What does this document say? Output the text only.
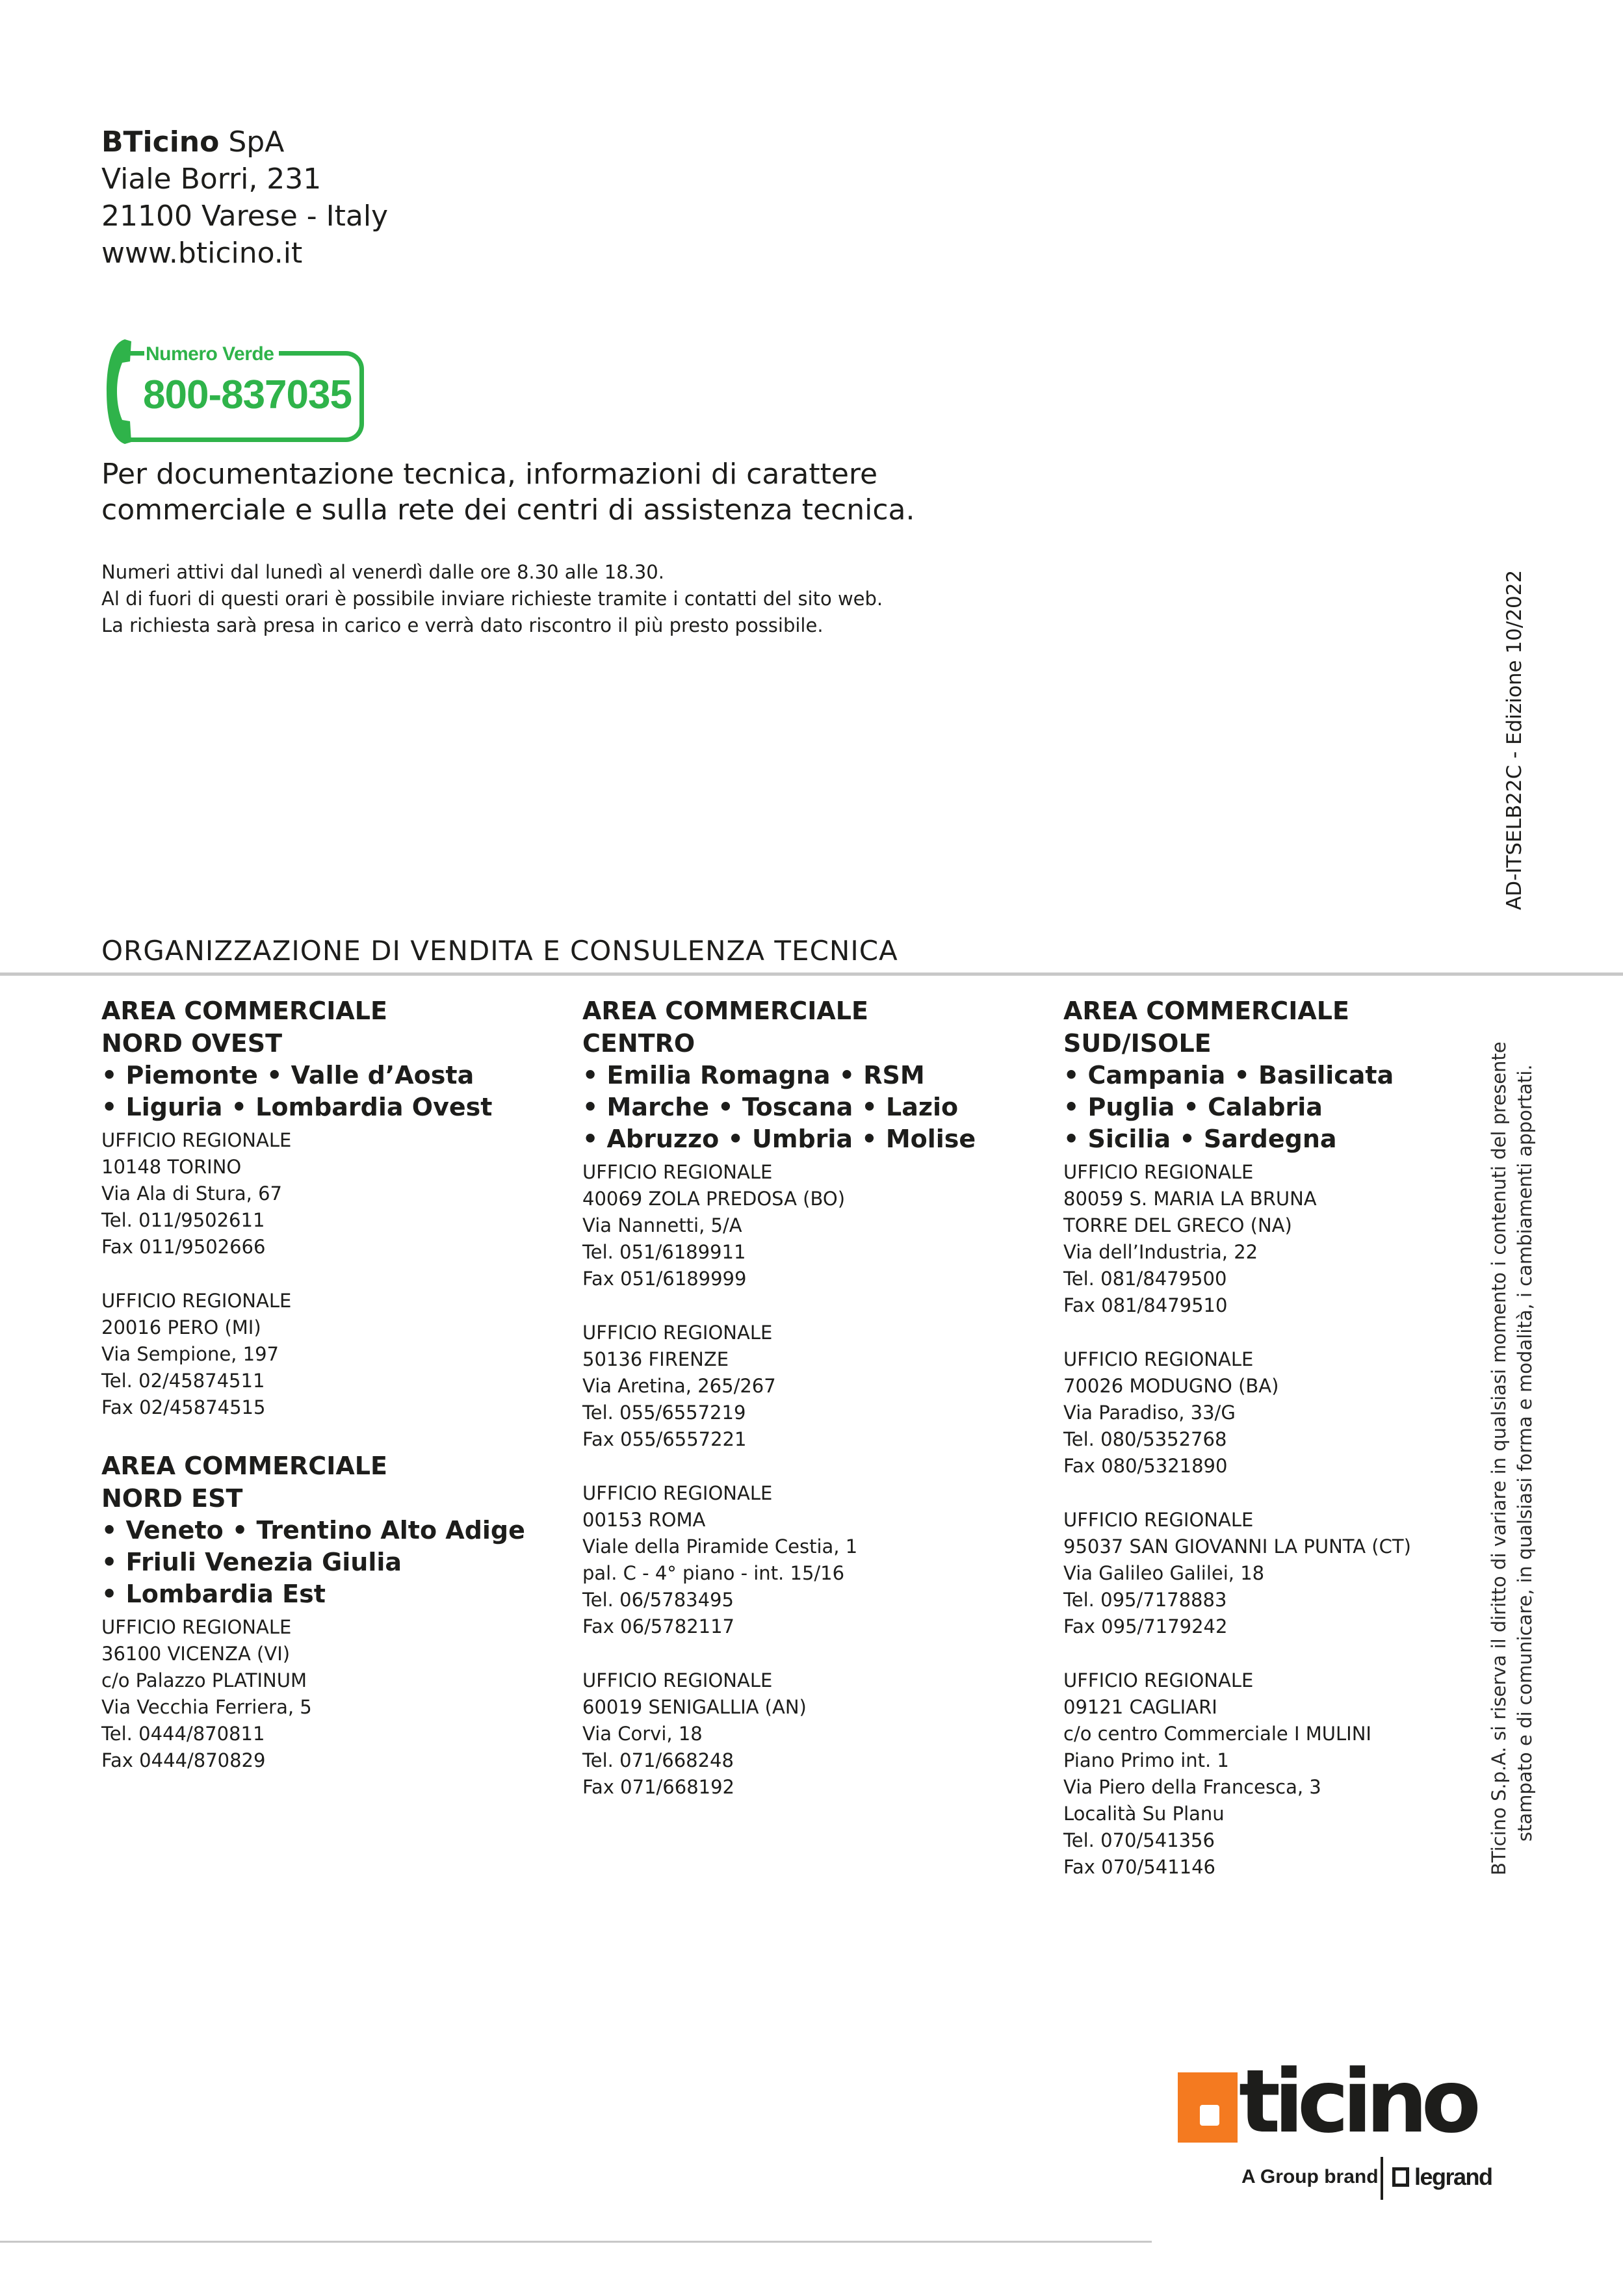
BTicino SpA
Viale Borri, 231
21100 Varese - Italy
www.bticino.it
Numero Verde
800-837035
Per documentazione tecnica, informazioni di carattere
commerciale e sulla rete dei centri di assistenza tecnica.
Numeri attivi dal lunedì al venerdì dalle ore 8.30 alle 18.30.
Al di fuori di questi orari è possibile inviare richieste tramite i contatti del sito web.
La richiesta sarà presa in carico e verrà dato riscontro il più presto possibile.	AD-ITSELB22C - Edizione 10/2022
ORGANIZZAZIONE DI VENDITA E CONSULENZA TECNICA
AREA COMMERCIALE
NORD OVEST
• Piemonte • Valle d’Aosta
• Liguria • Lombardia Ovest
UFFICIO REGIONALE
10148 TORINO
Via Ala di Stura, 67
Tel. 011/9502611
Fax 011/9502666
UFFICIO REGIONALE
20016 PERO (MI)
Via Sempione, 197
Tel. 02/45874511
Fax 02/45874515
AREA COMMERCIALE
NORD EST
• Veneto • Trentino Alto Adige
• Friuli Venezia Giulia
• Lombardia Est
UFFICIO REGIONALE
36100 VICENZA (VI)
c/o Palazzo PLATINUM
Via Vecchia Ferriera, 5
Tel. 0444/870811
Fax 0444/870829
AREA COMMERCIALE
CENTRO
• Emilia Romagna • RSM
• Marche • Toscana • Lazio
• Abruzzo • Umbria • Molise
UFFICIO REGIONALE
40069 ZOLA PREDOSA (BO)
Via Nannetti, 5/A
Tel. 051/6189911
Fax 051/6189999
UFFICIO REGIONALE
50136 FIRENZE
Via Aretina, 265/267
Tel. 055/6557219
Fax 055/6557221
UFFICIO REGIONALE
00153 ROMA
Viale della Piramide Cestia, 1
pal. C - 4° piano - int. 15/16
Tel. 06/5783495
Fax 06/5782117
UFFICIO REGIONALE
60019 SENIGALLIA (AN)
Via Corvi, 18
Tel. 071/668248
Fax 071/668192
AREA COMMERCIALE
SUD/ISOLE
• Campania • Basilicata
• Puglia • Calabria
• Sicilia • Sardegna
UFFICIO REGIONALE
80059 S. MARIA LA BRUNA
TORRE DEL GRECO (NA)
Via dell’Industria, 22
Tel. 081/8479500
Fax 081/8479510
UFFICIO REGIONALE
70026 MODUGNO (BA)
Via Paradiso, 33/G
Tel. 080/5352768
Fax 080/5321890
UFFICIO REGIONALE
95037 SAN GIOVANNI LA PUNTA (CT)
Via Galileo Galilei, 18
Tel. 095/7178883
Fax 095/7179242
UFFICIO REGIONALE
09121 CAGLIARI
c/o centro Commerciale I MULINI
Piano Primo int. 1
Via Piero della Francesca, 3
Località Su Planu
Tel. 070/541356
Fax 070/541146	BTicino S.p.A. si riserva il diritto di variare in qualsiasi momento i contenuti del presente stampato e di comunicare, in qualsiasi forma e modalità, i cambiamenti apportati.
ticino
A Group brand legrand
